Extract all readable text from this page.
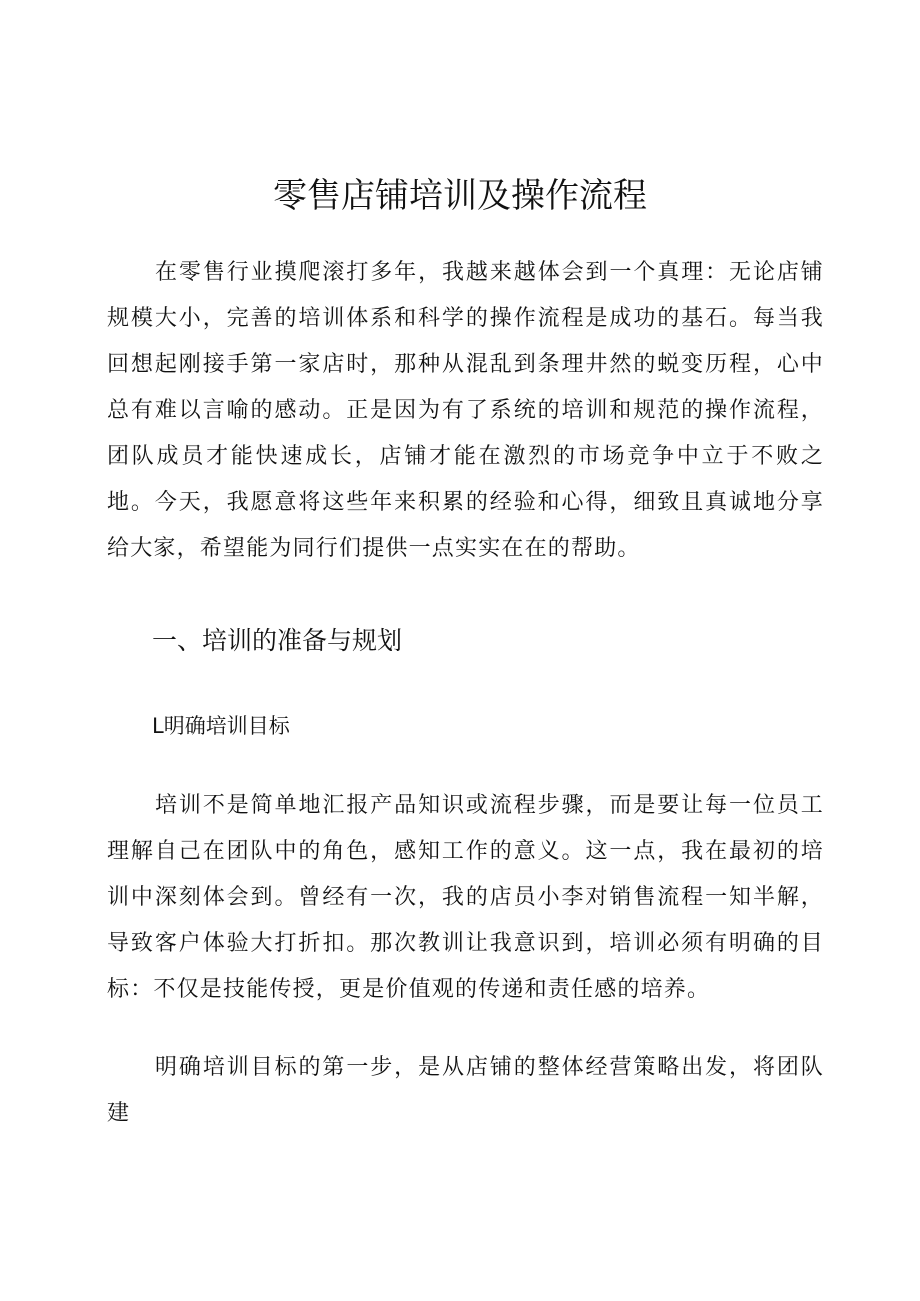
零售店铺培训及操作流程

在零售行业摸爬滚打多年，我越来越体会到一个真理：无论店铺规模大小，完善的培训体系和科学的操作流程是成功的基石。每当我回想起刚接手第一家店时，那种从混乱到条理井然的蜕变历程，心中总有难以言喻的感动。正是因为有了系统的培训和规范的操作流程，团队成员才能快速成长，店铺才能在激烈的市场竞争中立于不败之地。今天，我愿意将这些年来积累的经验和心得，细致且真诚地分享给大家，希望能为同行们提供一点实实在在的帮助。

一、培训的准备与规划
L明确培训目标

培训不是简单地汇报产品知识或流程步骤，而是要让每一位员工理解自己在团队中的角色，感知工作的意义。这一点，我在最初的培训中深刻体会到。曾经有一次，我的店员小李对销售流程一知半解，导致客户体验大打折扣。那次教训让我意识到，培训必须有明确的目标：不仅是技能传授，更是价值观的传递和责任感的培养。

明确培训目标的第一步，是从店铺的整体经营策略出发，将团队建
